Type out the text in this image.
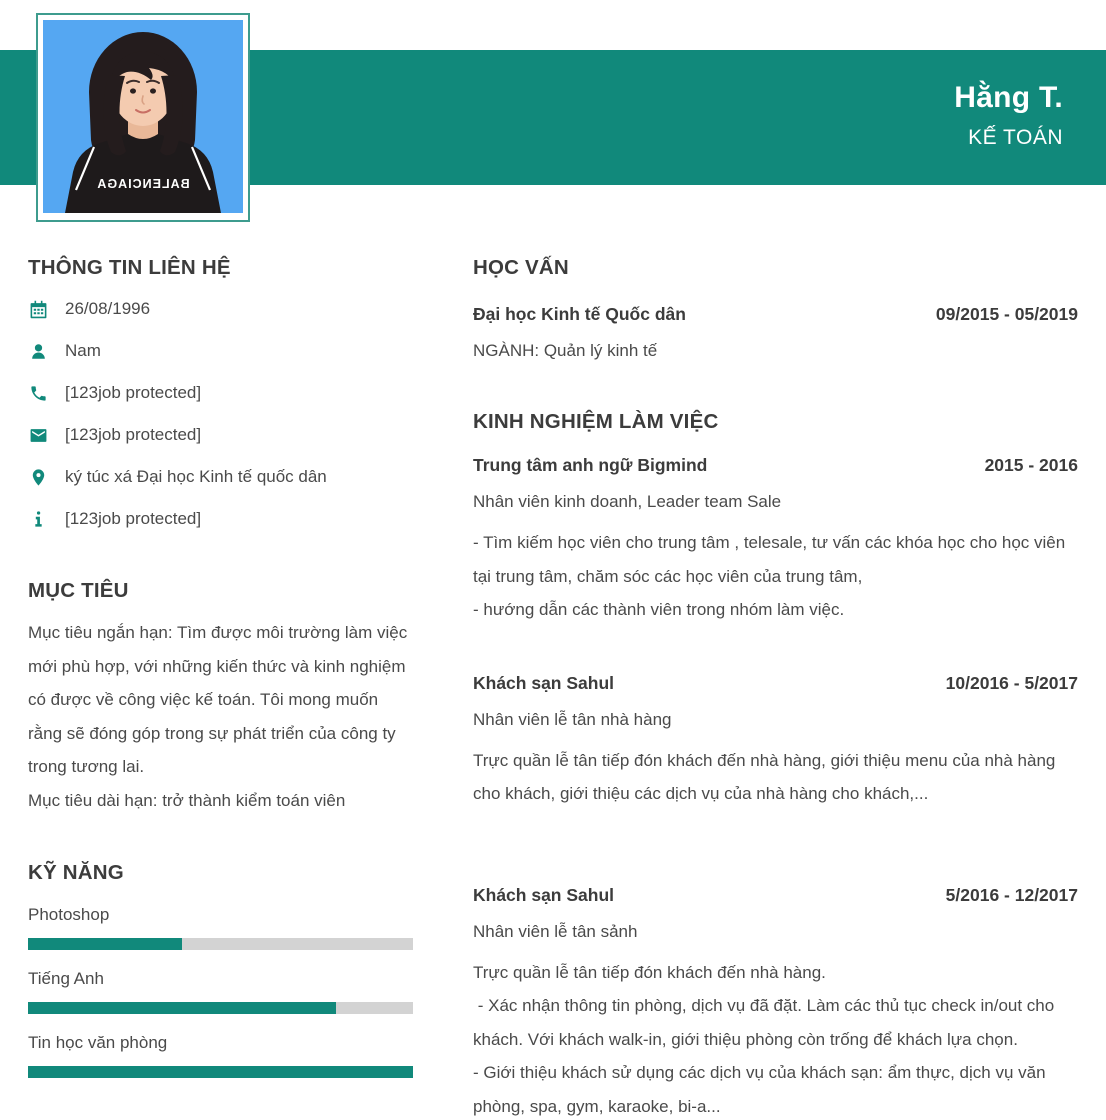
Hằng T.
KẾ TOÁN
BALENCIAGA
THÔNG TIN LIÊN HỆ
26/08/1996
Nam
[123job protected]
[123job protected]
ký túc xá Đại học Kinh tế quốc dân
[123job protected]
MỤC TIÊU

Mục tiêu ngắn hạn: Tìm được môi trường làm việc mới phù hợp, với những kiến thức và kinh nghiệm có được về công việc kế toán. Tôi mong muốn rằng sẽ đóng góp trong sự phát triển của công ty trong tương lai.

Mục tiêu dài hạn: trở thành kiểm toán viên

KỸ NĂNG
Photoshop
Tiếng Anh
Tin học văn phòng
HỌC VẤN
Đại học Kinh tế Quốc dân	09/2015 - 05/2019

NGÀNH: Quản lý kinh tế

KINH NGHIỆM LÀM VIỆC
Trung tâm anh ngữ Bigmind	2015 - 2016

Nhân viên kinh doanh, Leader team Sale

- Tìm kiếm học viên cho trung tâm , telesale, tư vấn các khóa học cho học viên tại trung tâm, chăm sóc các học viên của trung tâm,

- hướng dẫn các thành viên trong nhóm làm việc.

Khách sạn Sahul	10/2016 - 5/2017

Nhân viên lễ tân nhà hàng

Trực quần lễ tân tiếp đón khách đến nhà hàng, giới thiệu menu của nhà hàng cho khách, giới thiệu các dịch vụ của nhà hàng cho khách,...

Khách sạn Sahul	5/2016 - 12/2017

Nhân viên lễ tân sảnh

Trực quần lễ tân tiếp đón khách đến nhà hàng.

- Xác nhận thông tin phòng, dịch vụ đã đặt. Làm các thủ tục check in/out cho khách. Với khách walk-in, giới thiệu phòng còn trống để khách lựa chọn.

- Giới thiệu khách sử dụng các dịch vụ của khách sạn: ẩm thực, dịch vụ văn phòng, spa, gym, karaoke, bi-a...
